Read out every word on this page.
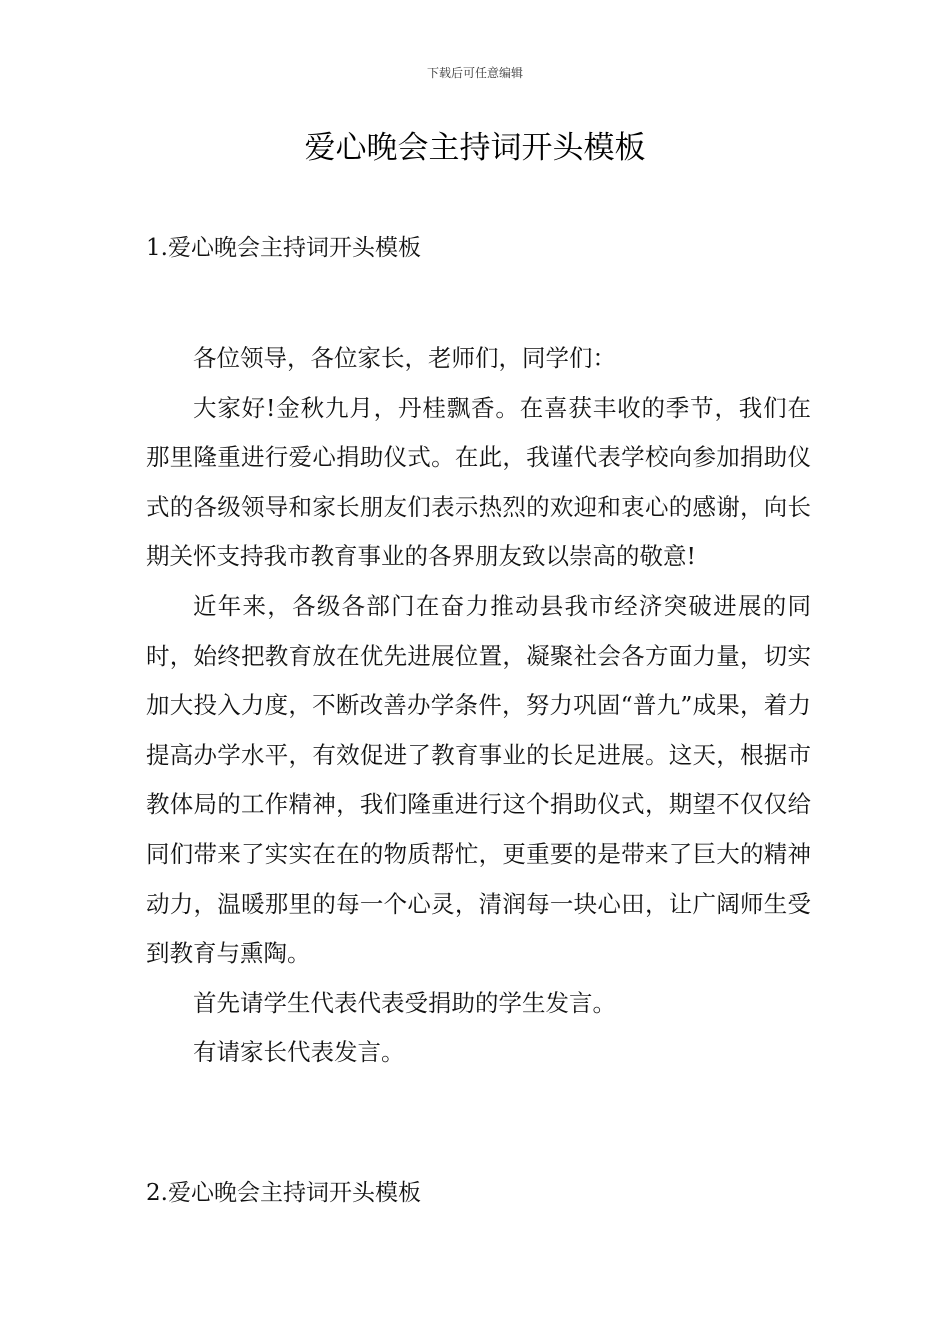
下载后可任意编辑
爱心晚会主持词开头模板
1.爱心晚会主持词开头模板

各位领导，各位家长，老师们，同学们：

大家好!金秋九月，丹桂飘香。在喜获丰收的季节，我们在那里隆重进行爱心捐助仪式。在此，我谨代表学校向参加捐助仪式的各级领导和家长朋友们表示热烈的欢迎和衷心的感谢，向长期关怀支持我市教育事业的各界朋友致以崇高的敬意!

近年来，各级各部门在奋力推动县我市经济突破进展的同时，始终把教育放在优先进展位置，凝聚社会各方面力量，切实加大投入力度，不断改善办学条件，努力巩固“普九”成果，着力提高办学水平，有效促进了教育事业的长足进展。这天，根据市教体局的工作精神，我们隆重进行这个捐助仪式，期望不仅仅给同们带来了实实在在的物质帮忙，更重要的是带来了巨大的精神动力，温暖那里的每一个心灵，清润每一块心田，让广阔师生受到教育与熏陶。

首先请学生代表代表受捐助的学生发言。

有请家长代表发言。

2.爱心晚会主持词开头模板
